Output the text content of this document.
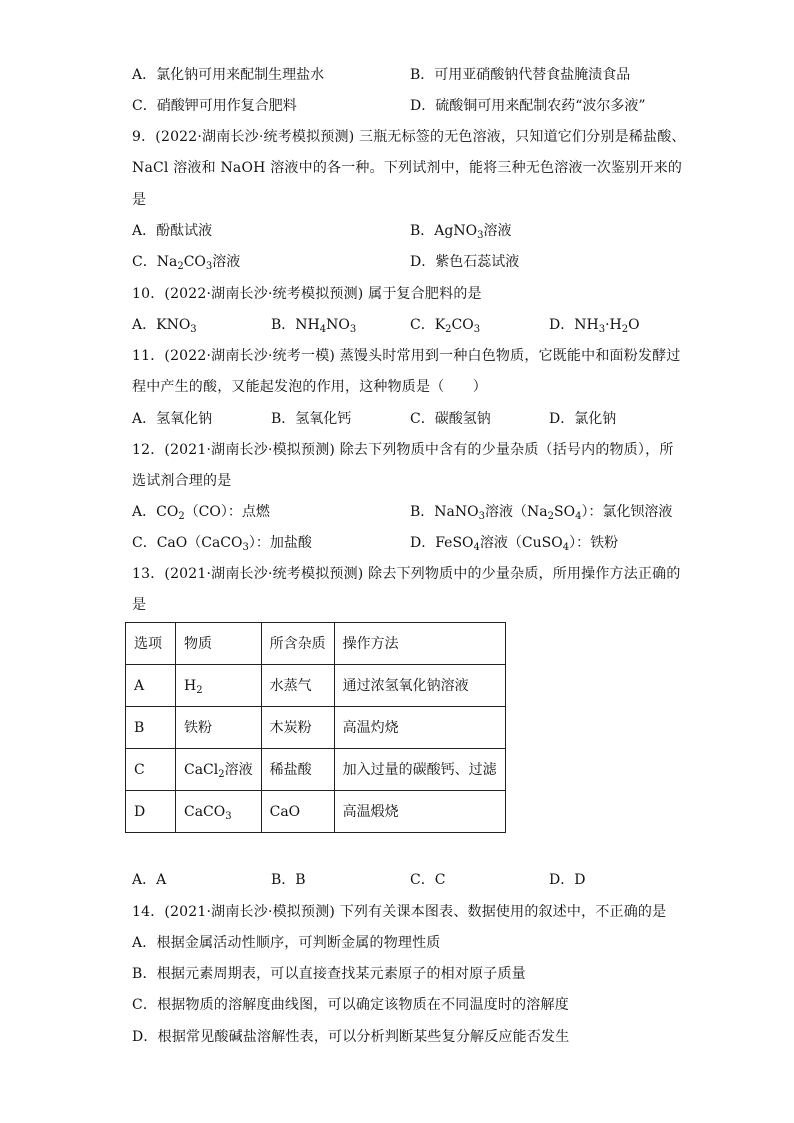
A．氯化钠可用来配制生理盐水	B．可用亚硝酸钠代替食盐腌渍食品
C．硝酸钾可用作复合肥料	D．硫酸铜可用来配制农药“波尔多液”
9．(2022·湖南长沙·统考模拟预测) 三瓶无标签的无色溶液，只知道它们分别是稀盐酸、
NaCl 溶液和 NaOH 溶液中的各一种。下列试剂中，能将三种无色溶液一次鉴别开来的
是
A．酚酞试液	B．AgNO$_3$溶液
C．$Na_2CO_3$溶液	D．紫色石蕊试液
10．(2022·湖南长沙·统考模拟预测) 属于复合肥料的是
A．$KNO_3$	B．$NH_4NO_3$	C．$K_2CO_3$	D．$NH_3\cdot H_2O$
11．(2022·湖南长沙·统考一模) 蒸馒头时常用到一种白色物质，它既能中和面粉发酵过
程中产生的酸，又能起发泡的作用，这种物质是（　　）
A．氢氧化钠	B．氢氧化钙	C．碳酸氢钠	D．氯化钠
12．(2021·湖南长沙·模拟预测) 除去下列物质中含有的少量杂质（括号内的物质），所
选试剂合理的是
A．$CO_2(CO)$：点燃	B．NaNO$_3$溶液$(Na_2SO_4)$：氯化钡溶液
C．CaO（CaCO$_3$）：加盐酸	D．FeSO$_4$溶液（CuSO$_4$）：铁粉
13．(2021·湖南长沙·统考模拟预测) 除去下列物质中的少量杂质，所用操作方法正确的
是
选项	物质	所含杂质	操作方法
A	$H_2$	水蒸气	通过浓氢氧化钠溶液
B	铁粉	木炭粉	高温灼烧
C	CaCl$_2$溶液	稀盐酸	加入过量的碳酸钙、过滤
D	CaCO$_3$	CaO	高温煅烧
A．A	B．B	C．C	D．D
14．(2021·湖南长沙·模拟预测) 下列有关课本图表、数据使用的叙述中，不正确的是
A．根据金属活动性顺序，可判断金属的物理性质
B．根据元素周期表，可以直接查找某元素原子的相对原子质量
C．根据物质的溶解度曲线图，可以确定该物质在不同温度时的溶解度
D．根据常见酸碱盐溶解性表，可以分析判断某些复分解反应能否发生
